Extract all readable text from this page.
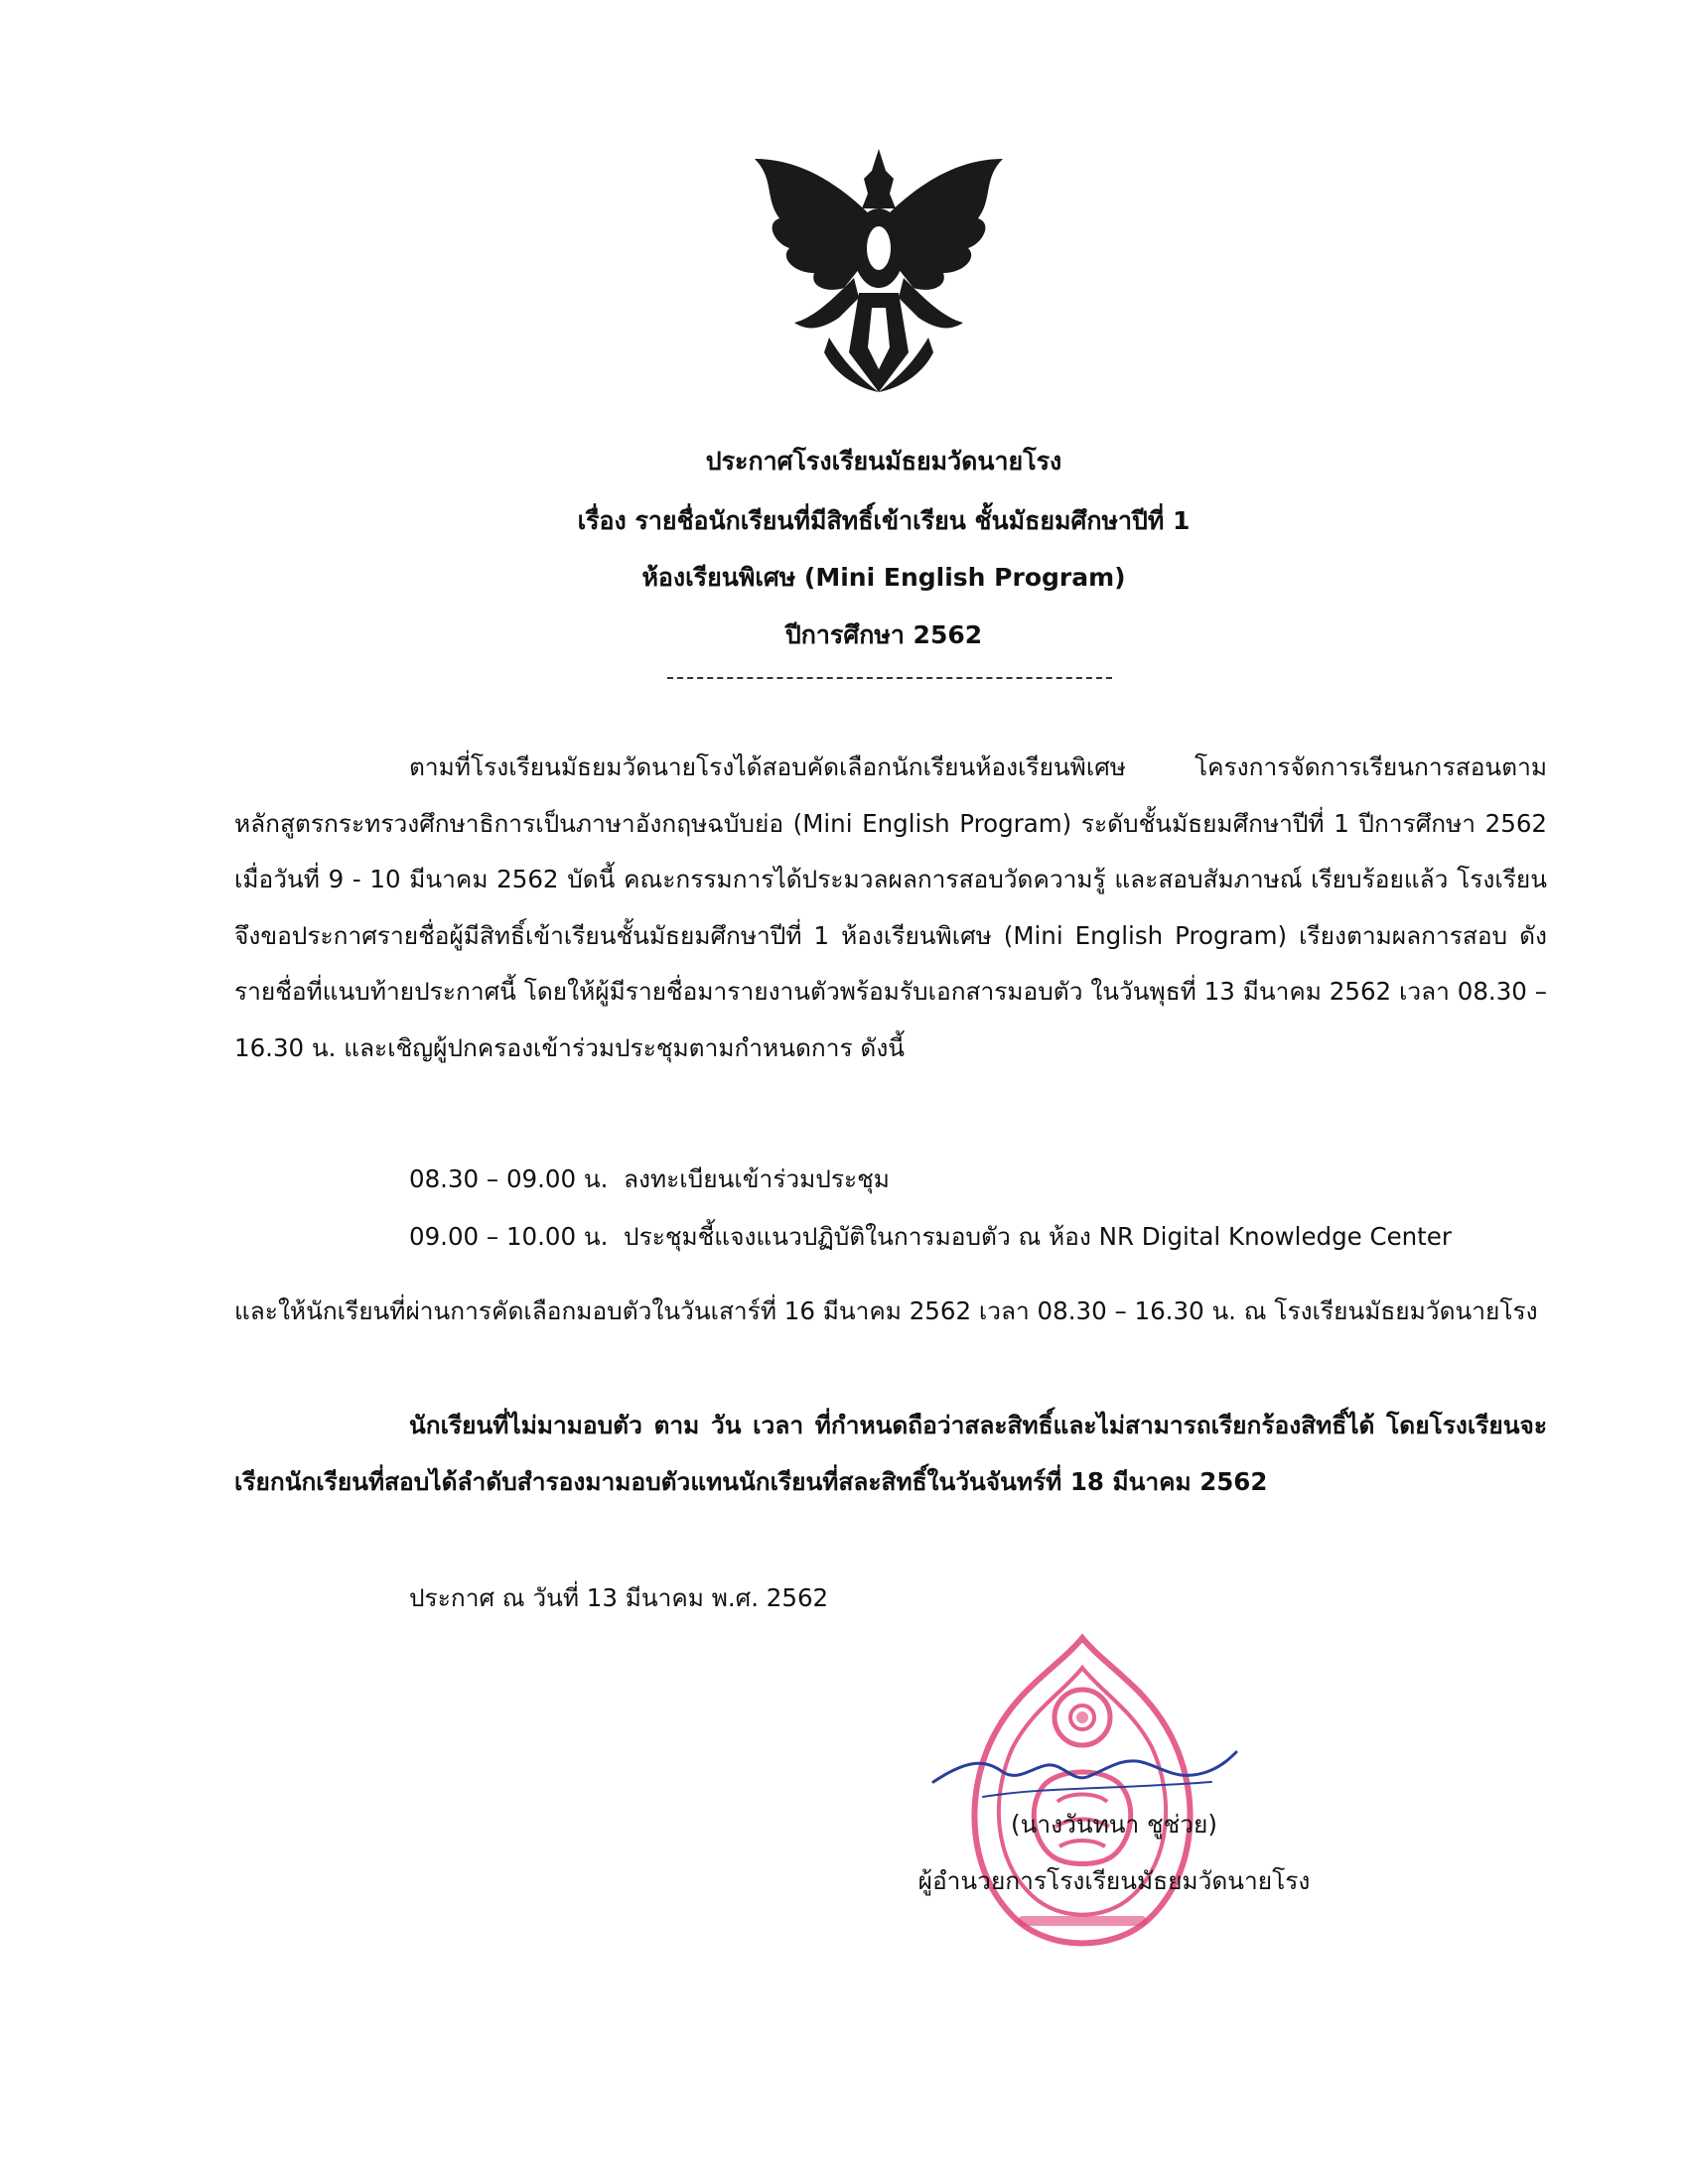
ประกาศโรงเรียนมัธยมวัดนายโรง
เรื่อง รายชื่อนักเรียนที่มีสิทธิ์เข้าเรียน ชั้นมัธยมศึกษาปีที่ 1
ห้องเรียนพิเศษ (Mini English Program)
ปีการศึกษา 2562

ตามที่โรงเรียนมัธยมวัดนายโรงได้สอบคัดเลือกนักเรียนห้องเรียนพิเศษ โครงการจัดการเรียนการสอนตามหลักสูตรกระทรวงศึกษาธิการเป็นภาษาอังกฤษฉบับย่อ (Mini English Program) ระดับชั้นมัธยมศึกษาปีที่ 1 ปีการศึกษา 2562 เมื่อวันที่ 9 - 10 มีนาคม 2562 บัดนี้ คณะกรรมการได้ประมวลผลการสอบวัดความรู้ และสอบสัมภาษณ์ เรียบร้อยแล้ว โรงเรียนจึงขอประกาศรายชื่อผู้มีสิทธิ์เข้าเรียนชั้นมัธยมศึกษาปีที่ 1 ห้องเรียนพิเศษ (Mini English Program) เรียงตามผลการสอบ ดังรายชื่อที่แนบท้ายประกาศนี้ โดยให้ผู้มีรายชื่อมารายงานตัวพร้อมรับเอกสารมอบตัว ในวันพุธที่ 13 มีนาคม 2562 เวลา 08.30 – 16.30 น. และเชิญผู้ปกครองเข้าร่วมประชุมตามกำหนดการ ดังนี้

08.30 – 09.00 น. ลงทะเบียนเข้าร่วมประชุม

09.00 – 10.00 น. ประชุมชี้แจงแนวปฏิบัติในการมอบตัว ณ ห้อง NR Digital Knowledge Center

และให้นักเรียนที่ผ่านการคัดเลือกมอบตัวในวันเสาร์ที่ 16 มีนาคม 2562 เวลา 08.30 – 16.30 น. ณ โรงเรียนมัธยมวัดนายโรง

นักเรียนที่ไม่มามอบตัว ตาม วัน เวลา ที่กำหนดถือว่าสละสิทธิ์และไม่สามารถเรียกร้องสิทธิ์ได้ โดยโรงเรียนจะเรียกนักเรียนที่สอบได้ลำดับสำรองมามอบตัวแทนนักเรียนที่สละสิทธิ์ในวันจันทร์ที่ 18 มีนาคม 2562

ประกาศ ณ วันที่ 13 มีนาคม พ.ศ. 2562

(นางวันทนา ชูช่วย)

ผู้อำนวยการโรงเรียนมัธยมวัดนายโรง
